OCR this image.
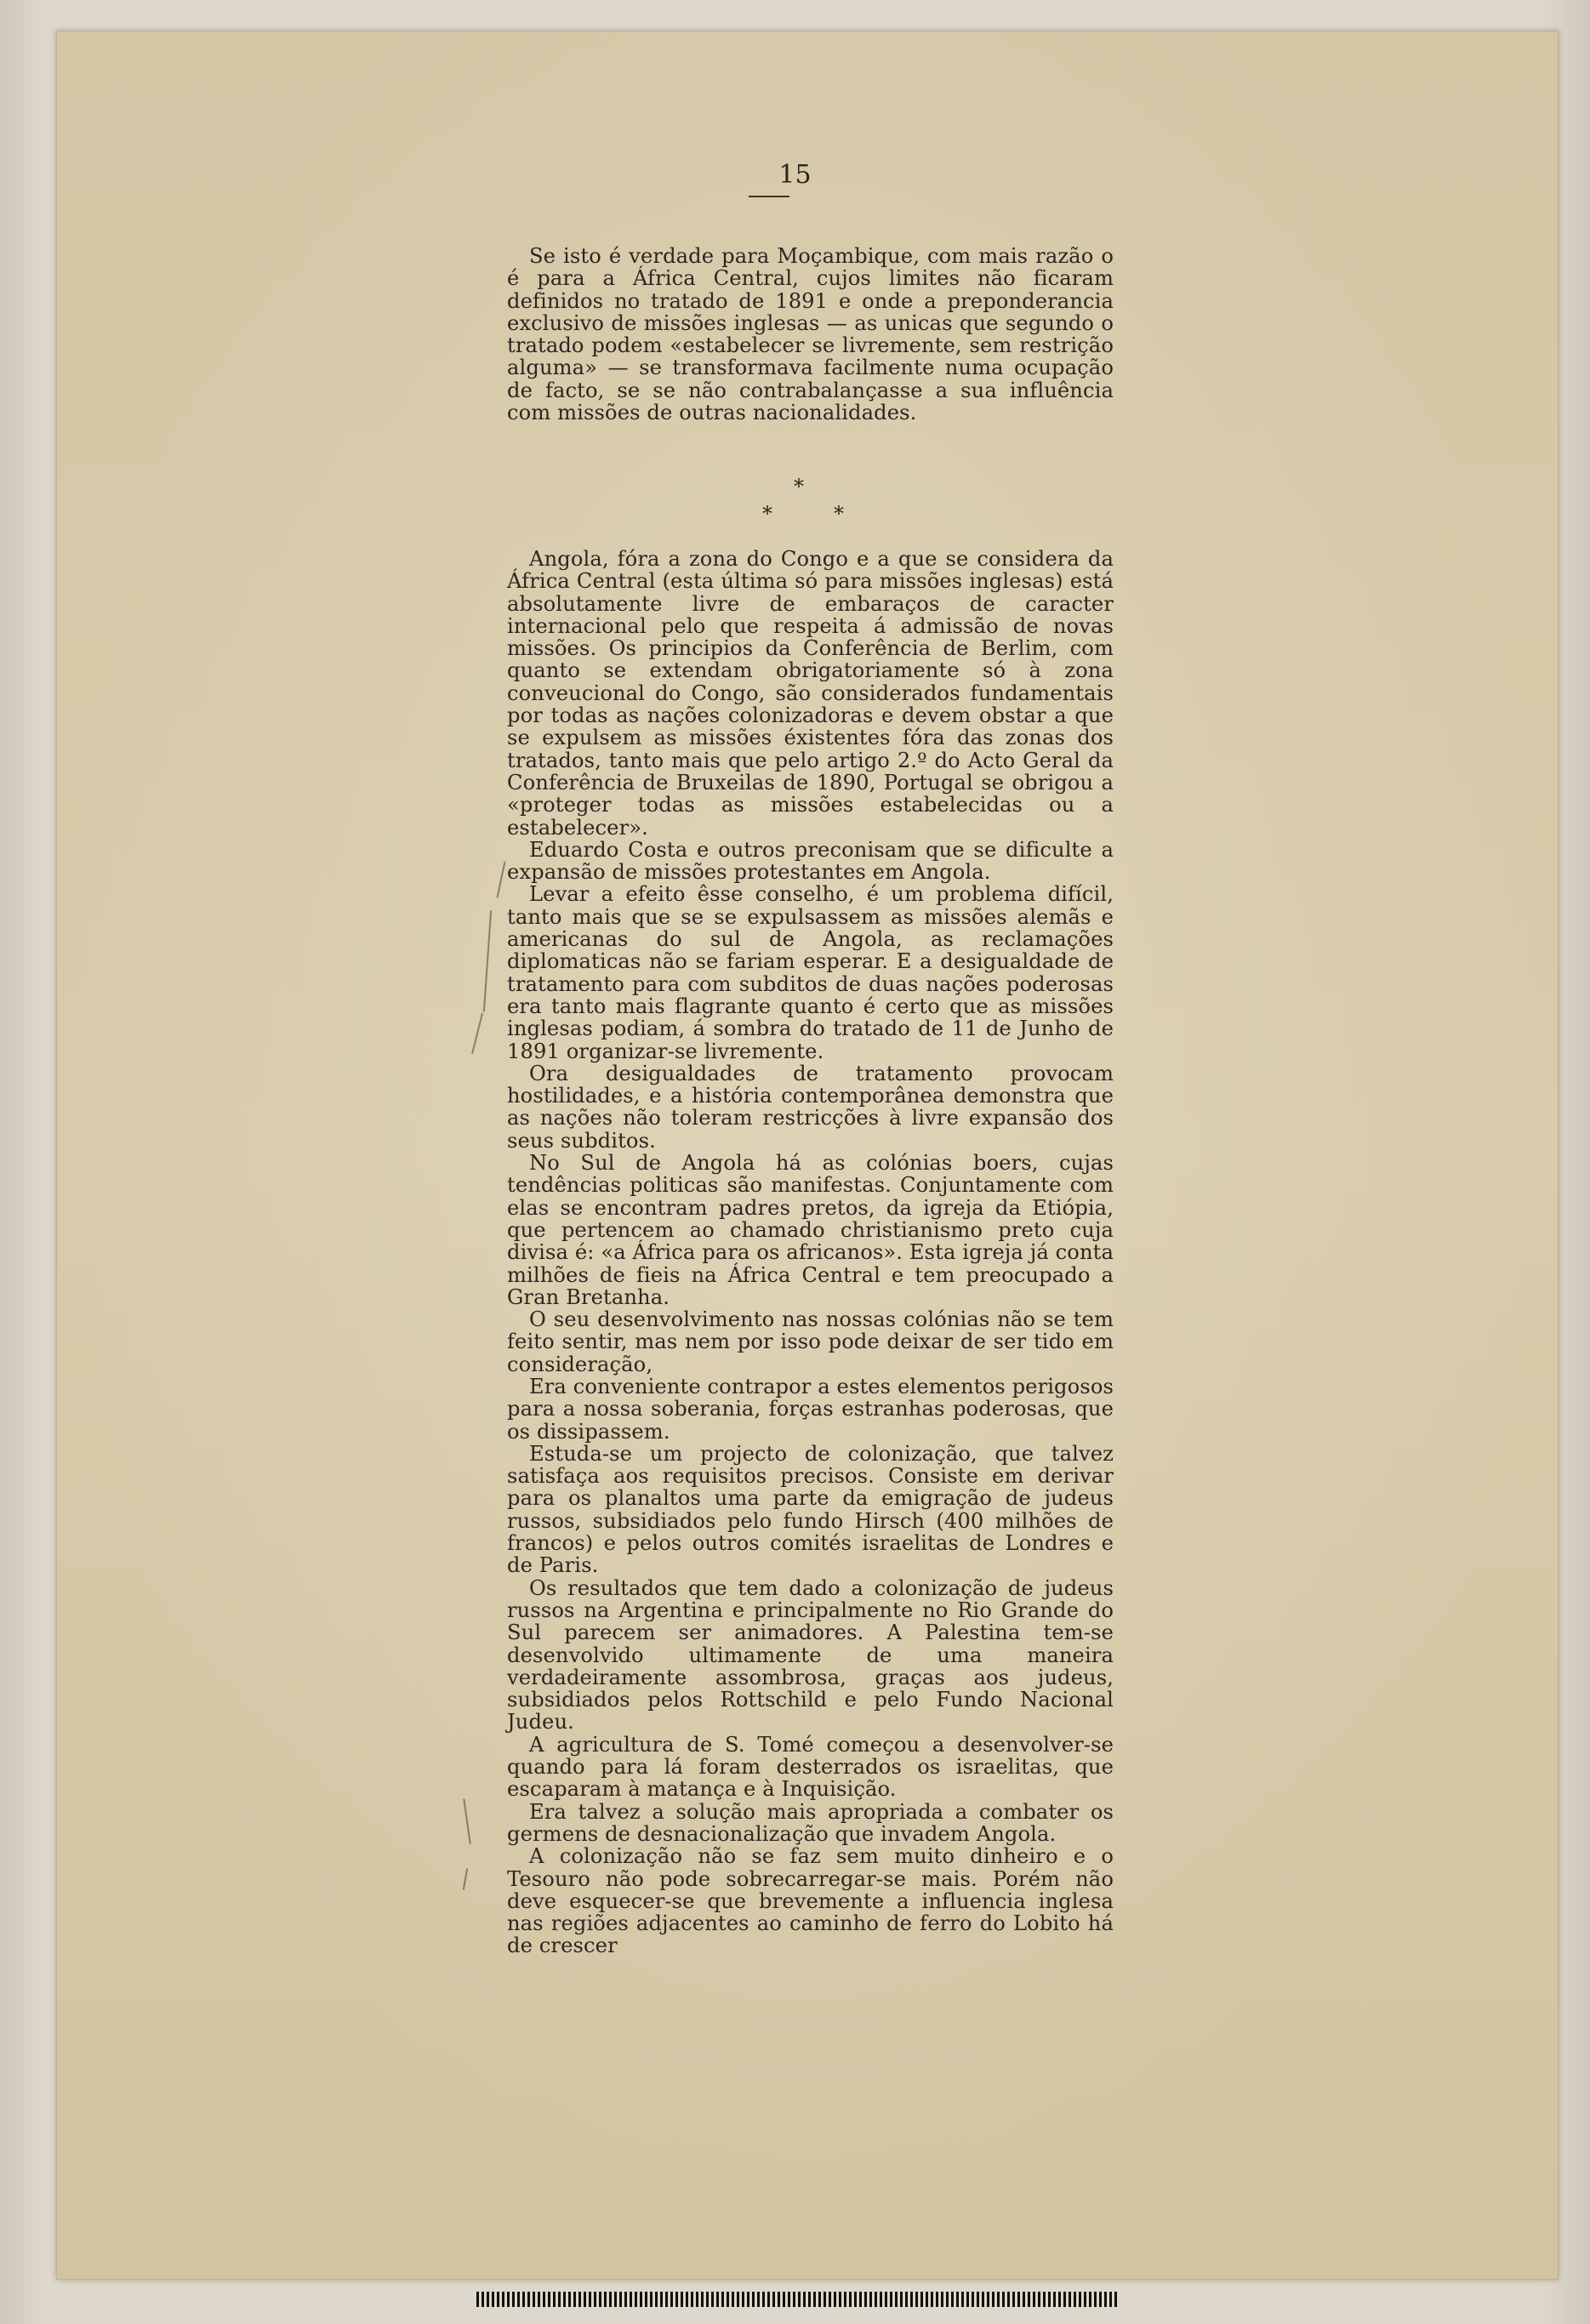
15

Se isto é verdade para Moçambique, com mais razão o é para a África Central, cujos limites não ficaram definidos no tratado de 1891 e onde a preponderancia exclusivo de missões inglesas — as unicas que segundo o tratado podem «estabelecer se livremente, sem restrição alguma» — se transformava facilmente numa ocupação de facto, se se não contrabalançasse a sua influência com missões de outras nacionalidades.

*
*	*

Angola, fóra a zona do Congo e a que se considera da África Central (esta última só para missões inglesas) está absolutamente livre de embaraços de caracter internacional pelo que respeita á admissão de novas missões. Os principios da Conferência de Berlim, com quanto se extendam obrigatoriamente só à zona conveucional do Congo, são considerados fundamentais por todas as nações colonizadoras e devem obstar a que se expulsem as missões éxistentes fóra das zonas dos tratados, tanto mais que pelo artigo 2.º do Acto Geral da Conferência de Bruxeilas de 1890, Portugal se obrigou a «proteger todas as missões estabelecidas ou a estabelecer».

Eduardo Costa e outros preconisam que se dificulte a expansão de missões protestantes em Angola.

Levar a efeito êsse conselho, é um problema difícil, tanto mais que se se expulsassem as missões alemãs e americanas do sul de Angola, as reclamações diplomaticas não se fariam esperar. E a desigualdade de tratamento para com subditos de duas nações poderosas era tanto mais flagrante quanto é certo que as missões inglesas podiam, á sombra do tratado de 11 de Junho de 1891 organizar-se livremente.

Ora desigualdades de tratamento provocam hostilidades, e a história contemporânea demonstra que as nações não toleram restricções à livre expansão dos seus subditos.

No Sul de Angola há as colónias boers, cujas tendências politicas são manifestas. Conjuntamente com elas se encontram padres pretos, da igreja da Etiópia, que pertencem ao chamado christianismo preto cuja divisa é: «a África para os africanos». Esta igreja já conta milhões de fieis na África Central e tem preocupado a Gran Bretanha.

O seu desenvolvimento nas nossas colónias não se tem feito sentir, mas nem por isso pode deixar de ser tido em consideração,

Era conveniente contrapor a estes elementos perigosos para a nossa soberania, forças estranhas poderosas, que os dissipassem.

Estuda-se um projecto de colonização, que talvez satisfaça aos requisitos precisos. Consiste em derivar para os planaltos uma parte da emigração de judeus russos, subsidiados pelo fundo Hirsch (400 milhões de francos) e pelos outros comités israelitas de Londres e de Paris.

Os resultados que tem dado a colonização de judeus russos na Argentina e principalmente no Rio Grande do Sul parecem ser animadores. A Palestina tem-se desenvolvido ultimamente de uma maneira verdadeiramente assombrosa, graças aos judeus, subsidiados pelos Rottschild e pelo Fundo Nacional Judeu.

A agricultura de S. Tomé começou a desenvolver-se quando para lá foram desterrados os israelitas, que escaparam à matança e à Inquisição.

Era talvez a solução mais apropriada a combater os germens de desnacionalização que invadem Angola.

A colonização não se faz sem muito dinheiro e o Tesouro não pode sobrecarregar-se mais. Porém não deve esquecer-se que brevemente a influencia inglesa nas regiões adjacentes ao caminho de ferro do Lobito há de crescer
